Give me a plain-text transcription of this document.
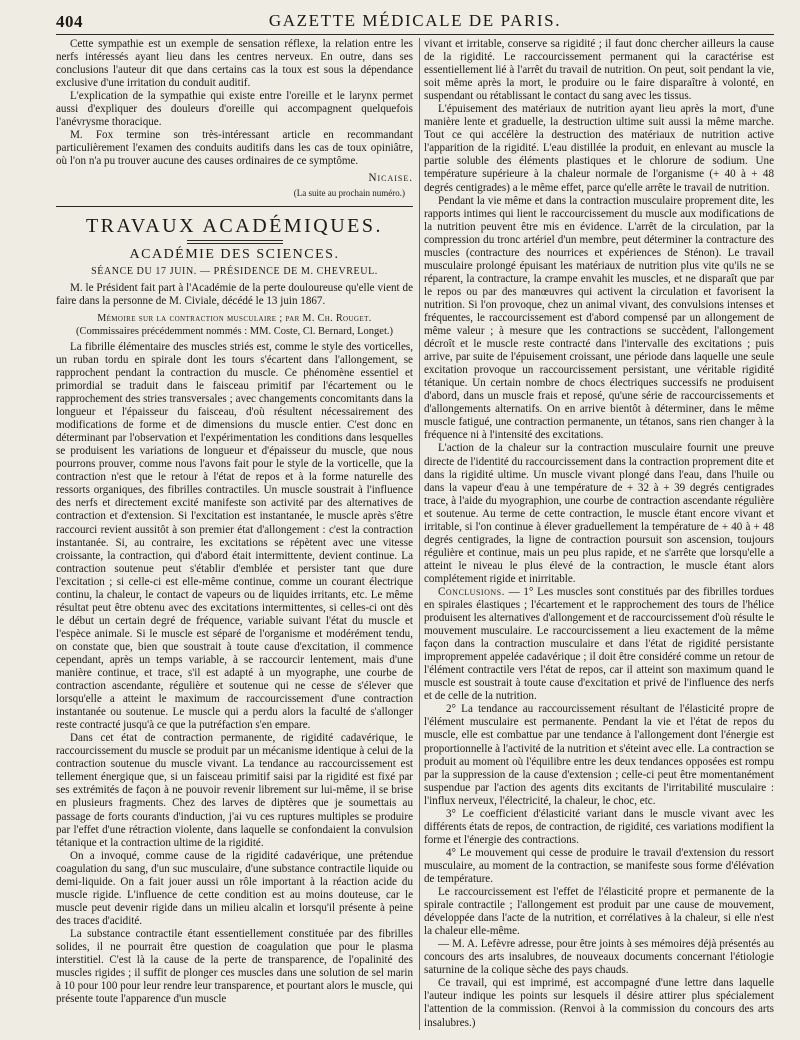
404	GAZETTE MÉDICALE DE PARIS.

Cette sympathie est un exemple de sensation réflexe, la relation entre les nerfs intéressés ayant lieu dans les centres nerveux. En outre, dans ses conclusions l'auteur dit que dans certains cas la toux est sous la dépendance exclusive d'une irritation du conduit auditif.

L'explication de la sympathie qui existe entre l'oreille et le larynx permet aussi d'expliquer des douleurs d'oreille qui accompagnent quelquefois l'anévrysme thoracique.

M. Fox termine son très-intéressant article en recommandant particulièrement l'examen des conduits auditifs dans les cas de toux opiniâtre, où l'on n'a pu trouver aucune des causes ordinaires de ce symptôme.

Nicaise.
(La suite au prochain numéro.)
TRAVAUX ACADÉMIQUES.
ACADÉMIE DES SCIENCES.
SÉANCE DU 17 JUIN. — PRÉSIDENCE DE M. CHEVREUL.

M. le Président fait part à l'Académie de la perte douloureuse qu'elle vient de faire dans la personne de M. Civiale, décédé le 13 juin 1867.

Mémoire sur la contraction musculaire ; par M. Ch. Rouget.
(Commissaires précédemment nommés : MM. Coste, Cl. Bernard, Longet.)

La fibrille élémentaire des muscles striés est, comme le style des vorticelles, un ruban tordu en spirale dont les tours s'écartent dans l'allongement, se rapprochent pendant la contraction du muscle. Ce phénomène essentiel et primordial se traduit dans le faisceau primitif par l'écartement ou le rapprochement des stries transversales ; avec changements concomitants dans la longueur et l'épaisseur du faisceau, d'où résultent nécessairement des modifications de forme et de dimensions du muscle entier. C'est donc en déterminant par l'observation et l'expérimentation les conditions dans lesquelles se produisent les variations de longueur et d'épaisseur du muscle, que nous pourrons prouver, comme nous l'avons fait pour le style de la vorticelle, que la contraction n'est que le retour à l'état de repos et à la forme naturelle des ressorts organiques, des fibrilles contractiles. Un muscle soustrait à l'influence des nerfs et directement excité manifeste son activité par des alternatives de contraction et d'extension. Si l'excitation est instantanée, le muscle après s'être raccourci revient aussitôt à son premier état d'allongement : c'est la contraction instantanée. Si, au contraire, les excitations se répètent avec une vitesse croissante, la contraction, qui d'abord était intermittente, devient continue. La contraction soutenue peut s'établir d'emblée et persister tant que dure l'excitation ; si celle-ci est elle-même continue, comme un courant électrique continu, la chaleur, le contact de vapeurs ou de liquides irritants, etc. Le même résultat peut être obtenu avec des excitations intermittentes, si celles-ci ont dès le début un certain degré de fréquence, variable suivant l'état du muscle et l'espèce animale. Si le muscle est séparé de l'organisme et modérément tendu, on constate que, bien que soustrait à toute cause d'excitation, il commence cependant, après un temps variable, à se raccourcir lentement, mais d'une manière continue, et trace, s'il est adapté à un myographe, une courbe de contraction ascendante, régulière et soutenue qui ne cesse de s'élever que lorsqu'elle a atteint le maximum de raccourcissement d'une contraction instantanée ou soutenue. Le muscle qui a perdu alors la faculté de s'allonger reste contracté jusqu'à ce que la putréfaction s'en empare.

Dans cet état de contraction permanente, de rigidité cadavérique, le raccourcissement du muscle se produit par un mécanisme identique à celui de la contraction soutenue du muscle vivant. La tendance au raccourcissement est tellement énergique que, si un faisceau primitif saisi par la rigidité est fixé par ses extrémités de façon à ne pouvoir revenir librement sur lui-même, il se brise en plusieurs fragments. Chez des larves de diptères que je soumettais au passage de forts courants d'induction, j'ai vu ces ruptures multiples se produire par l'effet d'une rétraction violente, dans laquelle se confondaient la convulsion tétanique et la contraction ultime de la rigidité.

On a invoqué, comme cause de la rigidité cadavérique, une prétendue coagulation du sang, d'un suc musculaire, d'une substance contractile liquide ou demi-liquide. On a fait jouer aussi un rôle important à la réaction acide du muscle rigide. L'influence de cette condition est au moins douteuse, car le muscle peut devenir rigide dans un milieu alcalin et lorsqu'il présente à peine des traces d'acidité.

La substance contractile étant essentiellement constituée par des fibrilles solides, il ne pourrait être question de coagulation que pour le plasma interstitiel. C'est là la cause de la perte de transparence, de l'opalinité des muscles rigides ; il suffit de plonger ces muscles dans une solution de sel marin à 10 pour 100 pour leur rendre leur transparence, et pourtant alors le muscle, qui présente toute l'apparence d'un muscle

vivant et irritable, conserve sa rigidité ; il faut donc chercher ailleurs la cause de la rigidité. Le raccourcissement permanent qui la caractérise est essentiellement lié à l'arrêt du travail de nutrition. On peut, soit pendant la vie, soit même après la mort, le produire ou le faire disparaître à volonté, en suspendant ou rétablissant le contact du sang avec les tissus.

L'épuisement des matériaux de nutrition ayant lieu après la mort, d'une manière lente et graduelle, la destruction ultime suit aussi la même marche. Tout ce qui accélère la destruction des matériaux de nutrition active l'apparition de la rigidité. L'eau distillée la produit, en enlevant au muscle la partie soluble des éléments plastiques et le chlorure de sodium. Une température supérieure à la chaleur normale de l'organisme (+ 40 à + 48 degrés centigrades) a le même effet, parce qu'elle arrête le travail de nutrition.

Pendant la vie même et dans la contraction musculaire proprement dite, les rapports intimes qui lient le raccourcissement du muscle aux modifications de la nutrition peuvent être mis en évidence. L'arrêt de la circulation, par la compression du tronc artériel d'un membre, peut déterminer la contracture des muscles (contracture des nourrices et expériences de Sténon). Le travail musculaire prolongé épuisant les matériaux de nutrition plus vite qu'ils ne se réparent, la contracture, la crampe envahit les muscles, et ne disparaît que par le repos ou par des manœuvres qui activent la circulation et favorisent la nutrition. Si l'on provoque, chez un animal vivant, des convulsions intenses et fréquentes, le raccourcissement est d'abord compensé par un allongement de même valeur ; à mesure que les contractions se succèdent, l'allongement décroît et le muscle reste contracté dans l'intervalle des excitations ; puis arrive, par suite de l'épuisement croissant, une période dans laquelle une seule excitation provoque un raccourcissement persistant, une véritable rigidité tétanique. Un certain nombre de chocs électriques successifs ne produisent d'abord, dans un muscle frais et reposé, qu'une série de raccourcissements et d'allongements alternatifs. On en arrive bientôt à déterminer, dans le même muscle fatigué, une contraction permanente, un tétanos, sans rien changer à la fréquence ni à l'intensité des excitations.

L'action de la chaleur sur la contraction musculaire fournit une preuve directe de l'identité du raccourcissement dans la contraction proprement dite et dans la rigidité ultime. Un muscle vivant plongé dans l'eau, dans l'huile ou dans la vapeur d'eau à une température de + 32 à + 39 degrés centigrades trace, à l'aide du myographion, une courbe de contraction ascendante régulière et soutenue. Au terme de cette contraction, le muscle étant encore vivant et irritable, si l'on continue à élever graduellement la température de + 40 à + 48 degrés centigrades, la ligne de contraction poursuit son ascension, toujours régulière et continue, mais un peu plus rapide, et ne s'arrête que lorsqu'elle a atteint le niveau le plus élevé de la contraction, le muscle étant alors complétement rigide et inirritable.

Conclusions. — 1° Les muscles sont constitués par des fibrilles tordues en spirales élastiques ; l'écartement et le rapprochement des tours de l'hélice produisent les alternatives d'allongement et de raccourcissement d'où résulte le mouvement musculaire. Le raccourcissement a lieu exactement de la même façon dans la contraction musculaire et dans l'état de rigidité persistante improprement appelée cadavérique ; il doit être considéré comme un retour de l'élément contractile vers l'état de repos, car il atteint son maximum quand le muscle est soustrait à toute cause d'excitation et privé de l'influence des nerfs et de celle de la nutrition.

2° La tendance au raccourcissement résultant de l'élasticité propre de l'élément musculaire est permanente. Pendant la vie et l'état de repos du muscle, elle est combattue par une tendance à l'allongement dont l'énergie est proportionnelle à l'activité de la nutrition et s'éteint avec elle. La contraction se produit au moment où l'équilibre entre les deux tendances opposées est rompu par la suppression de la cause d'extension ; celle-ci peut être momentanément suspendue par l'action des agents dits excitants de l'irritabilité musculaire : l'influx nerveux, l'électricité, la chaleur, le choc, etc.

3° Le coefficient d'élasticité variant dans le muscle vivant avec les différents états de repos, de contraction, de rigidité, ces variations modifient la forme et l'énergie des contractions.

4° Le mouvement qui cesse de produire le travail d'extension du ressort musculaire, au moment de la contraction, se manifeste sous forme d'élévation de température.

Le raccourcissement est l'effet de l'élasticité propre et permanente de la spirale contractile ; l'allongement est produit par une cause de mouvement, développée dans l'acte de la nutrition, et corrélatives à la chaleur, si elle n'est la chaleur elle-même.

— M. A. Lefèvre adresse, pour être joints à ses mémoires déjà présentés au concours des arts insalubres, de nouveaux documents concernant l'étiologie saturnine de la colique sèche des pays chauds.

Ce travail, qui est imprimé, est accompagné d'une lettre dans laquelle l'auteur indique les points sur lesquels il désire attirer plus spécialement l'attention de la commission. (Renvoi à la commission du concours des arts insalubres.)
